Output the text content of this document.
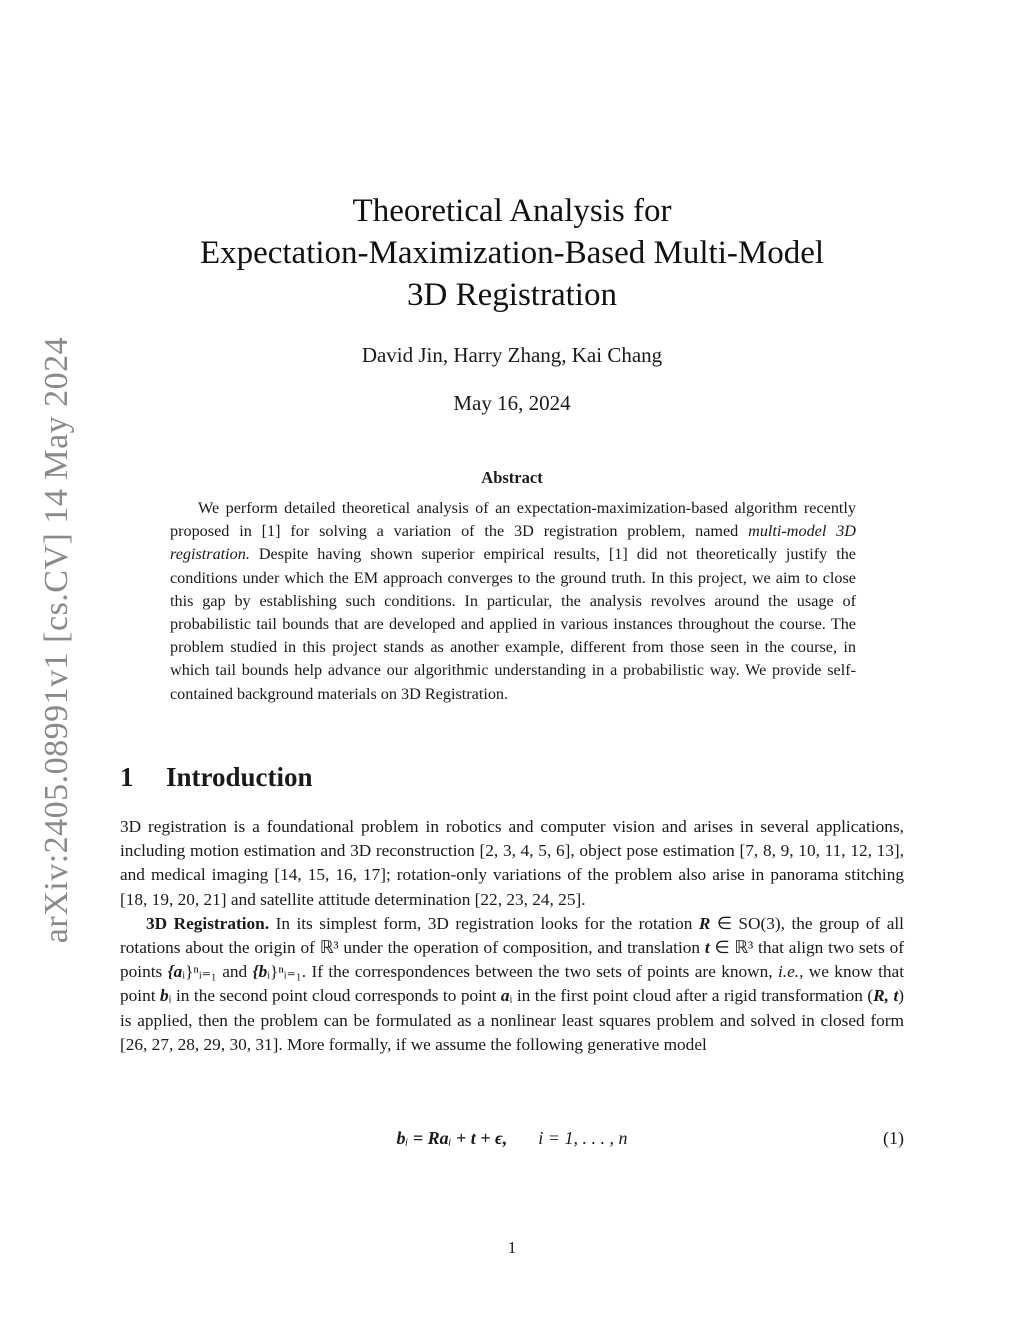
arXiv:2405.08991v1 [cs.CV] 14 May 2024
Theoretical Analysis for
Expectation-Maximization-Based Multi-Model
3D Registration
David Jin, Harry Zhang, Kai Chang
May 16, 2024
Abstract

We perform detailed theoretical analysis of an expectation-maximization-based algorithm recently proposed in [1] for solving a variation of the 3D registration problem, named multi-model 3D registration. Despite having shown superior empirical results, [1] did not theoretically justify the conditions under which the EM approach converges to the ground truth. In this project, we aim to close this gap by establishing such conditions. In particular, the analysis revolves around the usage of probabilistic tail bounds that are developed and applied in various instances throughout the course. The problem studied in this project stands as another example, different from those seen in the course, in which tail bounds help advance our algorithmic understanding in a probabilistic way. We provide self-contained background materials on 3D Registration.

1 Introduction

3D registration is a foundational problem in robotics and computer vision and arises in several applications, including motion estimation and 3D reconstruction [2, 3, 4, 5, 6], object pose estimation [7, 8, 9, 10, 11, 12, 13], and medical imaging [14, 15, 16, 17]; rotation-only variations of the problem also arise in panorama stitching [18, 19, 20, 21] and satellite attitude determination [22, 23, 24, 25].

3D Registration. In its simplest form, 3D registration looks for the rotation R ∈ SO(3), the group of all rotations about the origin of ℝ³ under the operation of composition, and translation t ∈ ℝ³ that align two sets of points {aᵢ}ⁿᵢ₌₁ and {bᵢ}ⁿᵢ₌₁. If the correspondences between the two sets of points are known, i.e., we know that point bᵢ in the second point cloud corresponds to point aᵢ in the first point cloud after a rigid transformation (R, t) is applied, then the problem can be formulated as a nonlinear least squares problem and solved in closed form [26, 27, 28, 29, 30, 31]. More formally, if we assume the following generative model

bᵢ = Raᵢ + t + ϵ, i = 1, . . . , n	(1)
1
